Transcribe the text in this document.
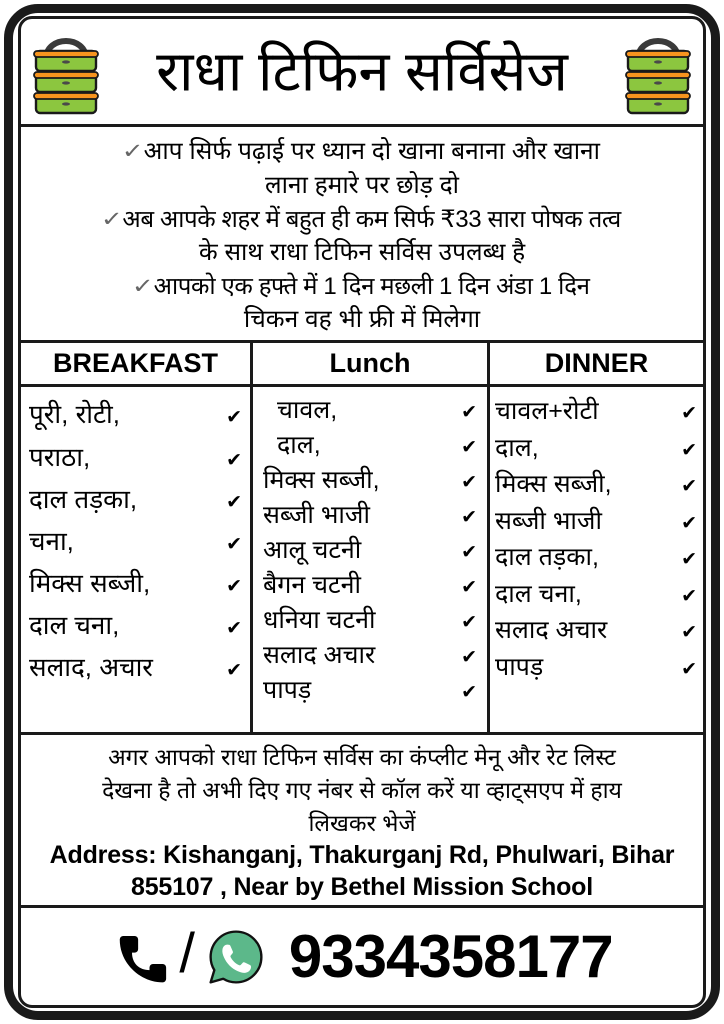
राधा टिफिन सर्विसेज
✓आप सिर्फ पढ़ाई पर ध्यान दो खाना बनाना और खाना
लाना हमारे पर छोड़ दो
✓अब आपके शहर में बहुत ही कम सिर्फ ₹33 सारा पोषक तत्व
के साथ राधा टिफिन सर्विस उपलब्ध है
✓आपको एक हफ्ते में 1 दिन मछली 1 दिन अंडा 1 दिन
चिकन वह भी फ्री में मिलेगा
BREAKFAST
पूरी, रोटी,	✔
पराठा,	✔
दाल तड़का,	✔
चना,	✔
मिक्स सब्जी,	✔
दाल चना,	✔
सलाद, अचार	✔
Lunch
चावल,	✔
दाल,	✔
मिक्स सब्जी,	✔
सब्जी भाजी	✔
आलू चटनी	✔
बैगन चटनी	✔
धनिया चटनी	✔
सलाद अचार	✔
पापड़	✔
DINNER
चावल+रोटी	✔
दाल,	✔
मिक्स सब्जी,	✔
सब्जी भाजी	✔
दाल तड़का,	✔
दाल चना,	✔
सलाद अचार	✔
पापड़	✔
अगर आपको राधा टिफिन सर्विस का कंप्लीट मेनू और रेट लिस्ट
देखना है तो अभी दिए गए नंबर से कॉल करें या व्हाट्सएप में हाय
लिखकर भेजें
Address: Kishanganj, Thakurganj Rd, Phulwari, Bihar
855107 , Near by Bethel Mission School
/ 9334358177
